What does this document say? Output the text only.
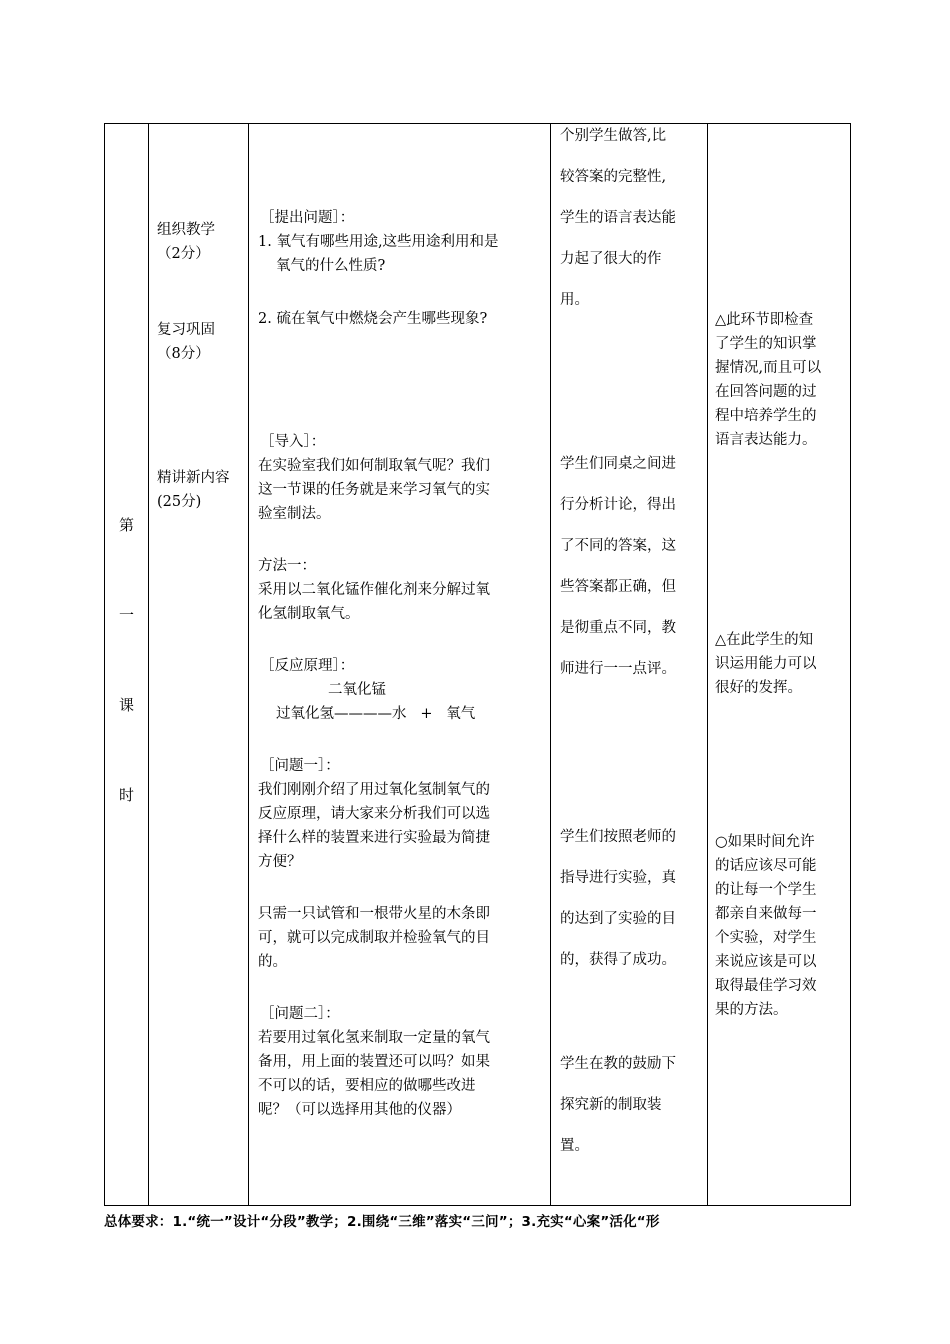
第
一
课
时
组织教学
（2分）
复习巩固
（8分）
精讲新内容
(25分)
［提出问题］：
1. 氧气有哪些用途,这些用途利用和是
氧气的什么性质?
2. 硫在氧气中燃烧会产生哪些现象?
［导入］：
在实验室我们如何制取氧气呢？我们
这一节课的任务就是来学习氧气的实
验室制法。
方法一：
采用以二氧化锰作催化剂来分解过氧
化氢制取氧气。
［反应原理］：
二氧化锰
过氧化氢————水   +   氧气
［问题一］：
我们刚刚介绍了用过氧化氢制氧气的
反应原理，请大家来分析我们可以选
择什么样的装置来进行实验最为简捷
方便？
只需一只试管和一根带火星的木条即
可，就可以完成制取并检验氧气的目
的。
［问题二］：
若要用过氧化氢来制取一定量的氧气
备用，用上面的装置还可以吗？如果
不可以的话，要相应的做哪些改进
呢？（可以选择用其他的仪器）
个别学生做答,比
较答案的完整性,
学生的语言表达能
力起了很大的作
用。
学生们同桌之间进
行分析计论，得出
了不同的答案，这
些答案都正确，但
是彻重点不同，教
师进行一一点评。
学生们按照老师的
指导进行实验，真
的达到了实验的目
的，获得了成功。
学生在教的鼓励下
探究新的制取装
置。
△此环节即检查
了学生的知识掌
握情况,而且可以
在回答问题的过
程中培养学生的
语言表达能力。
△在此学生的知
识运用能力可以
很好的发挥。
○如果时间允许
的话应该尽可能
的让每一个学生
都亲自来做每一
个实验，对学生
来说应该是可以
取得最佳学习效
果的方法。
总体要求：1.“统一”设计“分段”教学；2.围绕“三维”落实“三问”；3.充实“心案”活化“形
